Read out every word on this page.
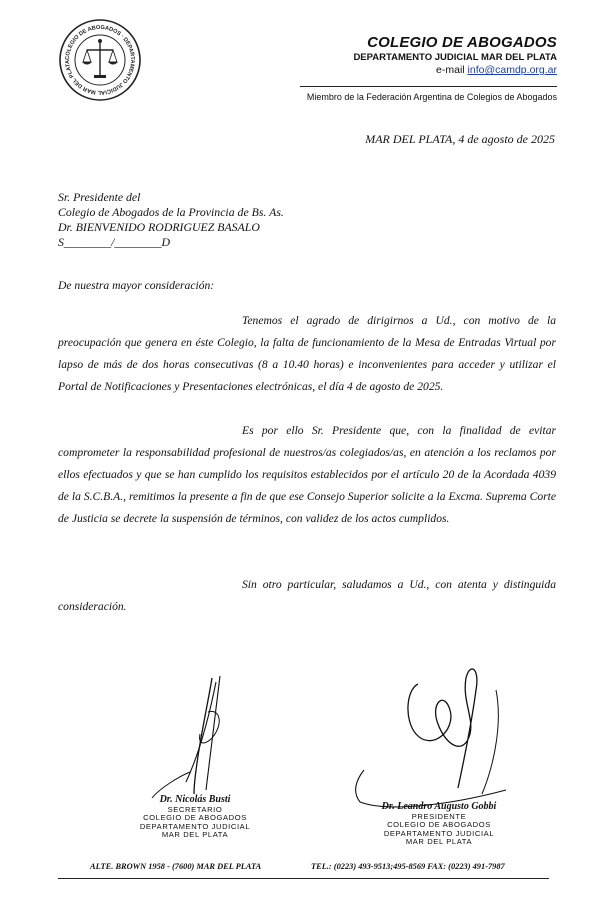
COLEGIO DE ABOGADOS · DEPARTAMENTO JUDICIAL MAR DEL PLATA
COLEGIO DE ABOGADOS
DEPARTAMENTO JUDICIAL MAR DEL PLATA
e-mail info@camdp.org.ar
Miembro de la Federación Argentina de Colegios de Abogados
MAR DEL PLATA, 4 de agosto de 2025
Sr. Presidente del
Colegio de Abogados de la Provincia de Bs. As.
Dr. BIENVENIDO RODRIGUEZ BASALO
S________/________D
De nuestra mayor consideración:
Tenemos el agrado de dirigirnos a Ud., con motivo de la preocupación que genera en éste Colegio, la falta de funcionamiento de la Mesa de Entradas Virtual por lapso de más de dos horas consecutivas (8 a 10.40 horas) e inconvenientes para acceder y utilizar el Portal de Notificaciones y Presentaciones electrónicas, el día 4 de agosto de 2025.
Es por ello Sr. Presidente que, con la finalidad de evitar comprometer la responsabilidad profesional de nuestros/as colegiados/as, en atención a los reclamos por ellos efectuados y que se han cumplido los requisitos establecidos por el artículo 20 de la Acordada 4039 de la S.C.B.A., remitimos la presente a fin de que ese Consejo Superior solicite a la Excma. Suprema Corte de Justicia se decrete la suspensión de términos, con validez de los actos cumplidos.
Sin otro particular, saludamos a Ud., con atenta y distinguida consideración.
Dr. Nicolás Busti
SECRETARIO
COLEGIO DE ABOGADOS
DEPARTAMENTO JUDICIAL
MAR DEL PLATA
Dr. Leandro Augusto Gobbi
PRESIDENTE
COLEGIO DE ABOGADOS
DEPARTAMENTO JUDICIAL
MAR DEL PLATA
ALTE. BROWN 1958 - (7600) MAR DEL PLATA	TEL.: (0223) 493-9513;495-8569 FAX: (0223) 491-7987
